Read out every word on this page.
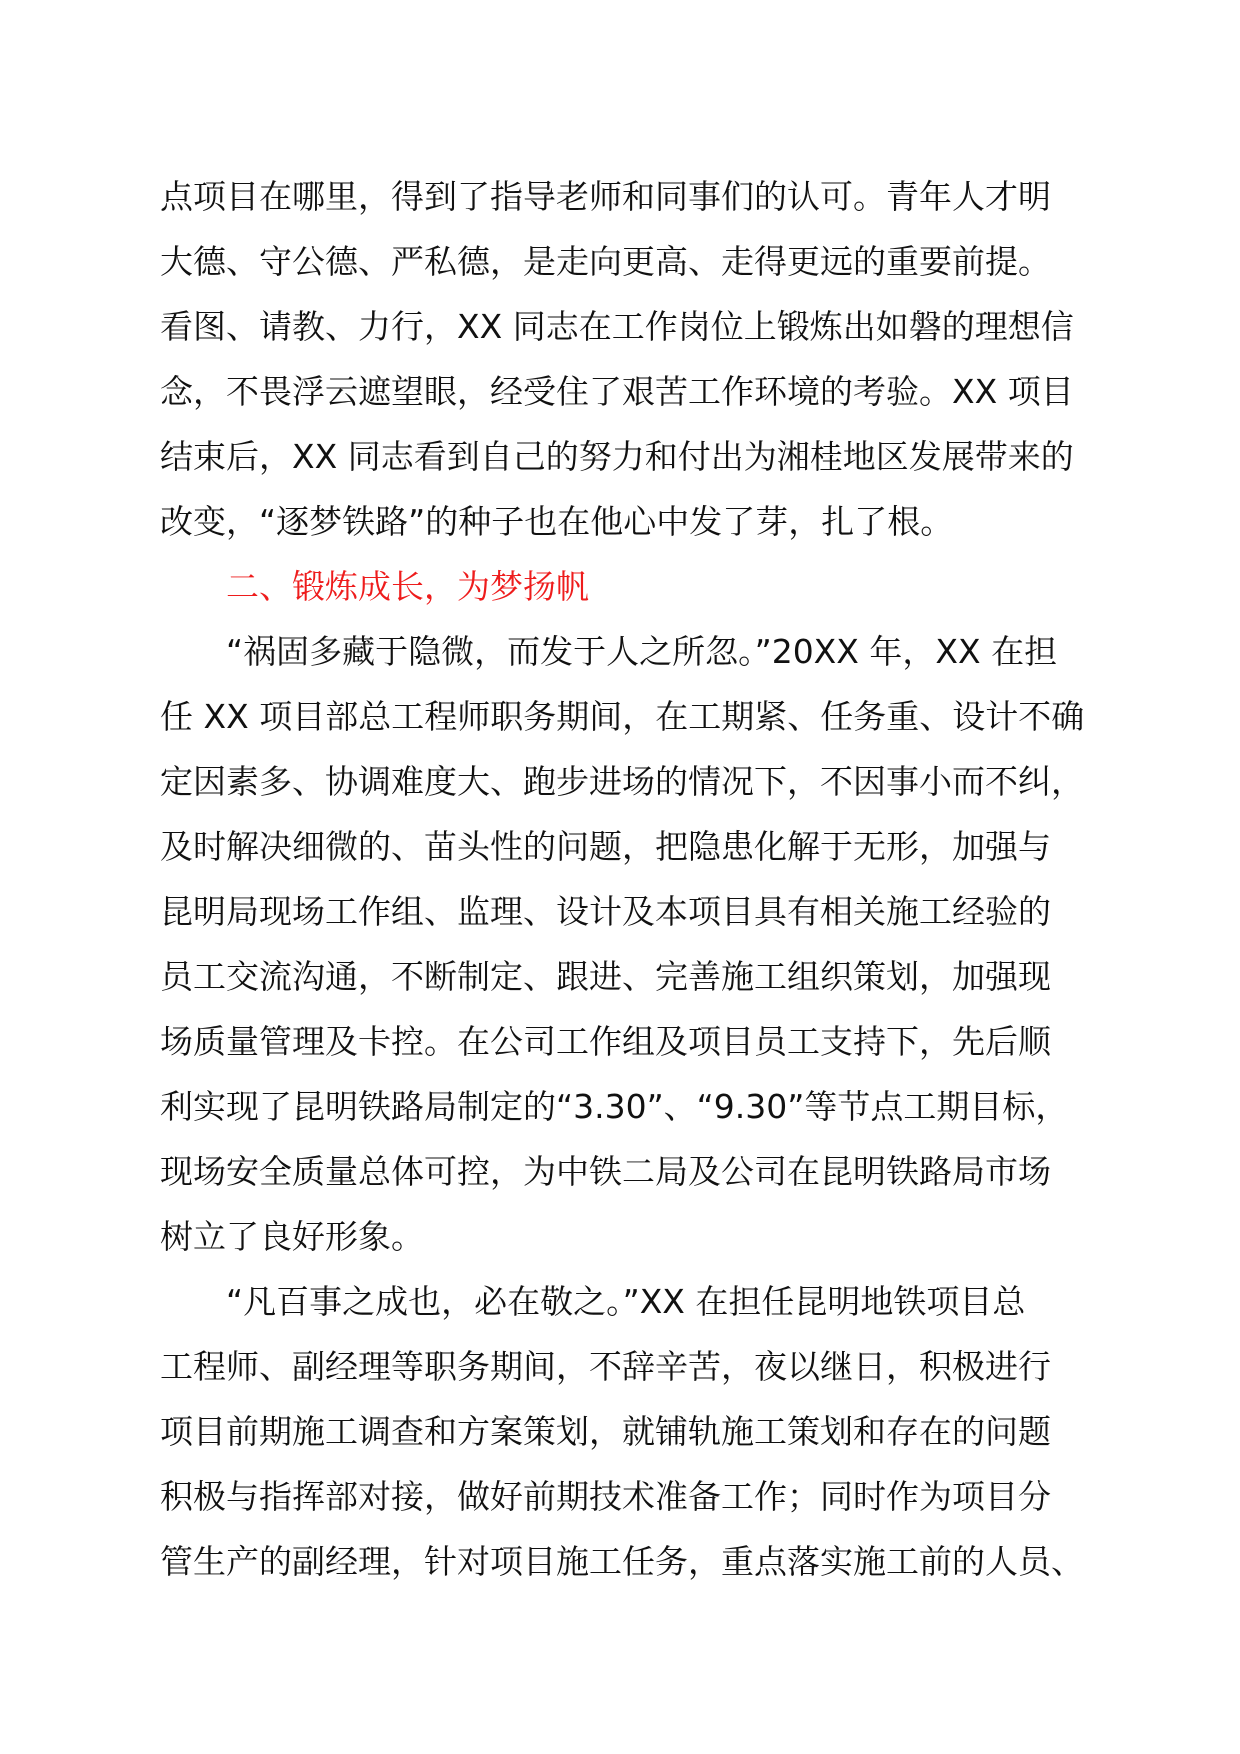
点项目在哪里，得到了指导老师和同事们的认可。青年人才明
大德、守公德、严私德，是走向更高、走得更远的重要前提。
看图、请教、力行，XX 同志在工作岗位上锻炼出如磐的理想信
念，不畏浮云遮望眼，经受住了艰苦工作环境的考验。XX 项目
结束后，XX 同志看到自己的努力和付出为湘桂地区发展带来的
改变，“逐梦铁路”的种子也在他心中发了芽，扎了根。
二、锻炼成长，为梦扬帆
“祸固多藏于隐微，而发于人之所忽。”20XX 年，XX 在担
任 XX 项目部总工程师职务期间，在工期紧、任务重、设计不确
定因素多、协调难度大、跑步进场的情况下，不因事小而不纠，
及时解决细微的、苗头性的问题，把隐患化解于无形，加强与
昆明局现场工作组、监理、设计及本项目具有相关施工经验的
员工交流沟通，不断制定、跟进、完善施工组织策划，加强现
场质量管理及卡控。在公司工作组及项目员工支持下，先后顺
利实现了昆明铁路局制定的“3.30”、“9.30”等节点工期目标，
现场安全质量总体可控，为中铁二局及公司在昆明铁路局市场
树立了良好形象。
“凡百事之成也，必在敬之。”XX 在担任昆明地铁项目总
工程师、副经理等职务期间，不辞辛苦，夜以继日，积极进行
项目前期施工调查和方案策划，就铺轨施工策划和存在的问题
积极与指挥部对接，做好前期技术准备工作；同时作为项目分
管生产的副经理，针对项目施工任务，重点落实施工前的人员、
